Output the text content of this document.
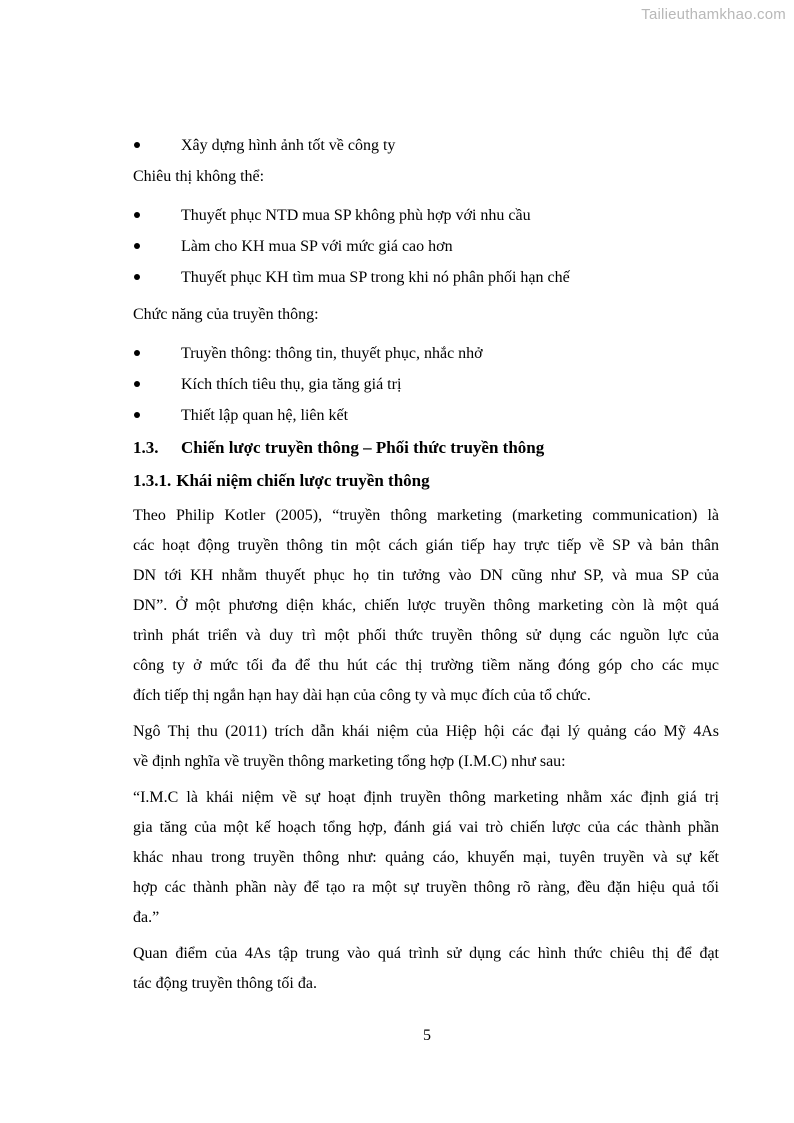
Tailieuthamkhao.com
Xây dựng hình ảnh tốt về công ty
Chiêu thị không thể:
Thuyết phục NTD mua SP không phù hợp với nhu cầu
Làm cho KH mua SP với mức giá cao hơn
Thuyết phục KH tìm mua SP trong khi nó phân phối hạn chế
Chức năng của truyền thông:
Truyền thông: thông tin, thuyết phục, nhắc nhở
Kích thích tiêu thụ, gia tăng giá trị
Thiết lập quan hệ, liên kết
1.3. Chiến lược truyền thông – Phối thức truyền thông
1.3.1. Khái niệm chiến lược truyền thông
Theo Philip Kotler (2005), “truyền thông marketing (marketing communication) là
các hoạt động truyền thông tin một cách gián tiếp hay trực tiếp về SP và bản thân
DN tới KH nhằm thuyết phục họ tin tưởng vào DN cũng như SP, và mua SP của
DN”. Ở một phương diện khác, chiến lược truyền thông marketing còn là một quá
trình phát triển và duy trì một phối thức truyền thông sử dụng các nguồn lực của
công ty ở mức tối đa để thu hút các thị trường tiềm năng đóng góp cho các mục
đích tiếp thị ngắn hạn hay dài hạn của công ty và mục đích của tổ chức.
Ngô Thị thu (2011) trích dẫn khái niệm của Hiệp hội các đại lý quảng cáo Mỹ 4As
về định nghĩa về truyền thông marketing tổng hợp (I.M.C) như sau:
“I.M.C là khái niệm về sự hoạt định truyền thông marketing nhằm xác định giá trị
gia tăng của một kế hoạch tổng hợp, đánh giá vai trò chiến lược của các thành phần
khác nhau trong truyền thông như: quảng cáo, khuyến mại, tuyên truyền và sự kết
hợp các thành phần này để tạo ra một sự truyền thông rõ ràng, đều đặn hiệu quả tối
đa.”
Quan điểm của 4As tập trung vào quá trình sử dụng các hình thức chiêu thị để đạt
tác động truyền thông tối đa.
5
